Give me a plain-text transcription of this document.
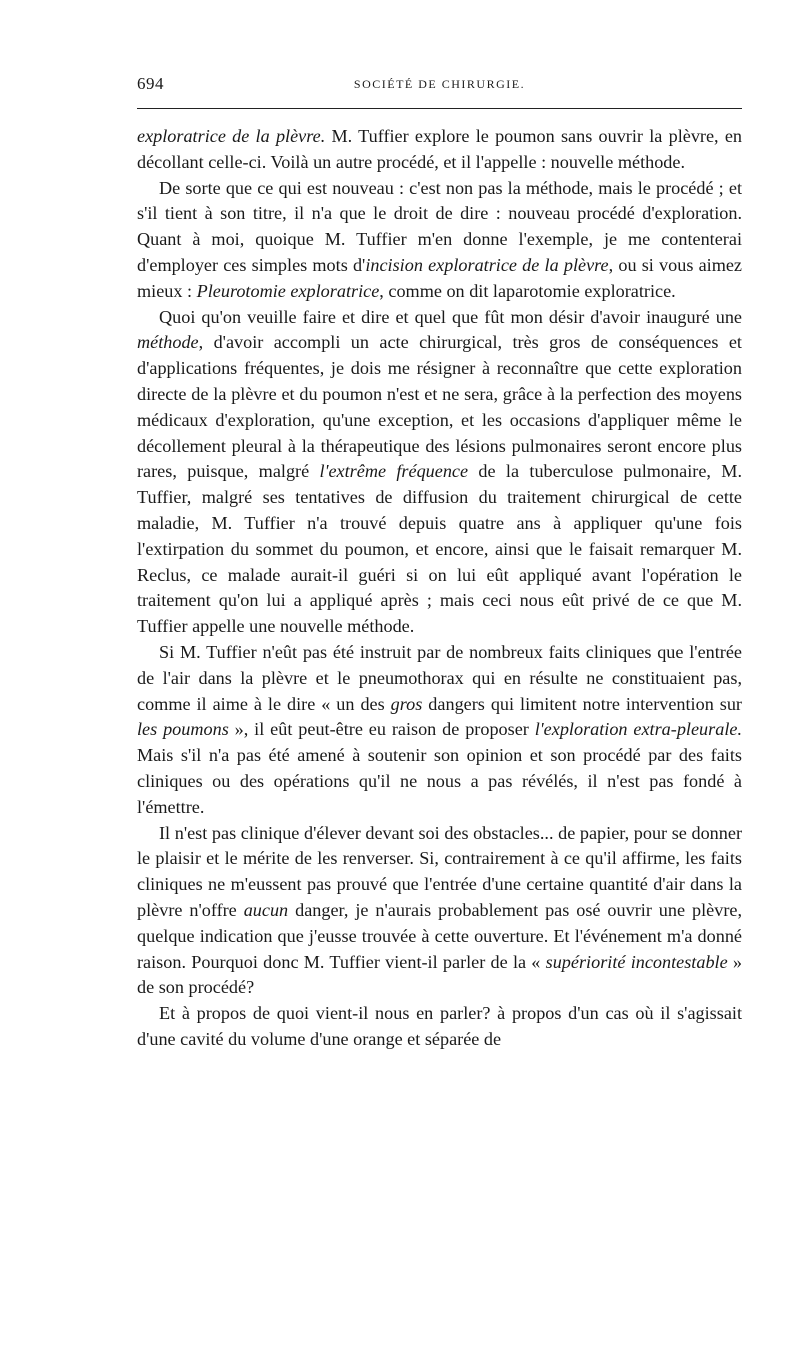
694	SOCIÉTÉ DE CHIRURGIE.

exploratrice de la plèvre. M. Tuffier explore le poumon sans ouvrir la plèvre, en décollant celle-ci. Voilà un autre procédé, et il l'appelle : nouvelle méthode.

De sorte que ce qui est nouveau : c'est non pas la méthode, mais le procédé ; et s'il tient à son titre, il n'a que le droit de dire : nouveau procédé d'exploration. Quant à moi, quoique M. Tuffier m'en donne l'exemple, je me contenterai d'employer ces simples mots d'incision exploratrice de la plèvre, ou si vous aimez mieux : Pleurotomie exploratrice, comme on dit laparotomie exploratrice.

Quoi qu'on veuille faire et dire et quel que fût mon désir d'avoir inauguré une méthode, d'avoir accompli un acte chirurgical, très gros de conséquences et d'applications fréquentes, je dois me résigner à reconnaître que cette exploration directe de la plèvre et du poumon n'est et ne sera, grâce à la perfection des moyens médicaux d'exploration, qu'une exception, et les occasions d'appliquer même le décollement pleural à la thérapeutique des lésions pulmonaires seront encore plus rares, puisque, malgré l'extrême fréquence de la tuberculose pulmonaire, M. Tuffier, malgré ses tentatives de diffusion du traitement chirurgical de cette maladie, M. Tuffier n'a trouvé depuis quatre ans à appliquer qu'une fois l'extirpation du sommet du poumon, et encore, ainsi que le faisait remarquer M. Reclus, ce malade aurait-il guéri si on lui eût appliqué avant l'opération le traitement qu'on lui a appliqué après ; mais ceci nous eût privé de ce que M. Tuffier appelle une nouvelle méthode.

Si M. Tuffier n'eût pas été instruit par de nombreux faits cliniques que l'entrée de l'air dans la plèvre et le pneumothorax qui en résulte ne constituaient pas, comme il aime à le dire « un des gros dangers qui limitent notre intervention sur les poumons », il eût peut-être eu raison de proposer l'exploration extra-pleurale. Mais s'il n'a pas été amené à soutenir son opinion et son procédé par des faits cliniques ou des opérations qu'il ne nous a pas révélés, il n'est pas fondé à l'émettre.

Il n'est pas clinique d'élever devant soi des obstacles... de papier, pour se donner le plaisir et le mérite de les renverser. Si, contrairement à ce qu'il affirme, les faits cliniques ne m'eussent pas prouvé que l'entrée d'une certaine quantité d'air dans la plèvre n'offre aucun danger, je n'aurais probablement pas osé ouvrir une plèvre, quelque indication que j'eusse trouvée à cette ouverture. Et l'événement m'a donné raison. Pourquoi donc M. Tuffier vient-il parler de la « supériorité incontestable » de son procédé?

Et à propos de quoi vient-il nous en parler? à propos d'un cas où il s'agissait d'une cavité du volume d'une orange et séparée de
